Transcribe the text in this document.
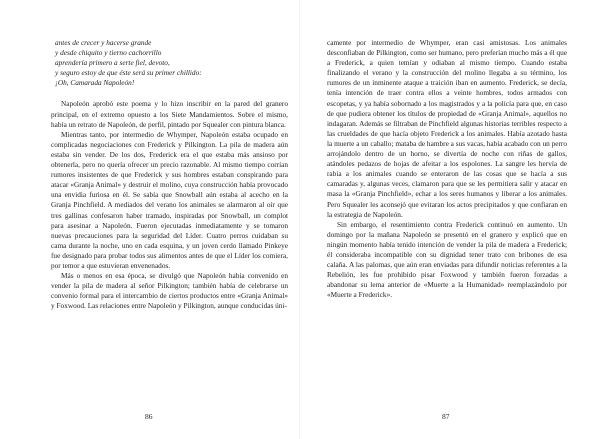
antes de crecer y hacerse grande
y desde chiquito y tierno cachorrillo
aprendería primero a serte fiel, devoto,
y seguro estoy de que éste será su primer chillido:
¡Oh, Camarada Napoleón!

Napoleón aprobó este poema y lo hizo inscribir en la pared del granero principal, en el extremo opuesto a los Siete Mandamientos. Sobre el mismo, había un retrato de Napoleón, de perfil, pintado por Squealer con pintura blanca.

Mientras tanto, por intermedio de Whymper, Napoleón estaba ocupado en complicadas negociaciones con Frederick y Pilkington. La pila de madera aún estaba sin vender. De los dos, Frederick era el que estaba más ansioso por obtenerla, pero no quería ofrecer un precio razonable. Al mismo tiempo corrían rumores insistentes de que Frederick y sus hombres estaban conspirando para atacar «Granja Animal» y destruir el molino, cuya construcción había provocado una envidia furiosa en él. Se sabía que Snowball aún estaba al acecho en la Granja Pinchfield. A mediados del verano los animales se alarmaron al oír que tres gallinas confesaron haber tramado, inspiradas por Snowball, un complot para asesinar a Napoleón. Fueron ejecutadas inmediatamente y se tomaron nuevas precauciones para la seguridad del Líder. Cuatro perros cuidaban su cama durante la noche, uno en cada esquina, y un joven cerdo llamado Pinkeye fue designado para probar todos sus alimentos antes de que el Líder los comiera, por temor a que estuvieran envenenados.

Más o menos en esa época, se divulgó que Napoleón había convenido en vender la pila de madera al señor Pilkington; también había de celebrarse un convenio formal para el intercambio de ciertos productos entre «Granja Animal» y Foxwood. Las relaciones entre Napoleón y Pilkington, aunque conducidas úni-

86

camente por intermedio de Whymper, eran casi amistosas. Los animales desconfiaban de Pilkington, como ser humano, pero preferían mucho más a él que a Frederick, a quien temían y odiaban al mismo tiempo. Cuando estaba finalizando el verano y la construcción del molino llegaba a su término, los rumores de un inminente ataque a traición iban en aumento. Frederick, se decía, tenía intención de traer contra ellos a veinte hombres, todos armados con escopetas, y ya había sobornado a los magistrados y a la policía para que, en caso de que pudiera obtener los títulos de propiedad de «Granja Animal», aquellos no indagaran. Además se filtraban de Pinchfield algunas historias terribles respecto a las crueldades de que hacía objeto Frederick a los animales. Había azotado hasta la muerte a un caballo; mataba de hambre a sus vacas, había acabado con un perro arrojándolo dentro de un horno, se divertía de noche con riñas de gallos, atándoles pedazos de hojas de afeitar a los espolones. La sangre les hervía de rabia a los animales cuando se enteraron de las cosas que se hacía a sus camaradas y, algunas veces, clamaron para que se les permitiera salir y atacar en masa la «Granja Pinchfield», echar a los seres humanos y liberar a los animales. Pero Squealer les aconsejó que evitaran los actos precipitados y que confiaran en la estrategia de Napoleón.

Sin embargo, el resentimiento contra Frederick continuó en aumento. Un domingo por la mañana Napoleón se presentó en el granero y explicó que en ningún momento había tenido intención de vender la pila de madera a Frederick; él consideraba incompatible con su dignidad tener trato con bribones de esa calaña. A las palomas, que aún eran enviadas para difundir noticias referentes a la Rebelión, les fue prohibido pisar Foxwood y también fueron forzadas a abandonar su lema anterior de «Muerte a la Humanidad» reemplazándolo por «Muerte a Frederick».

87
